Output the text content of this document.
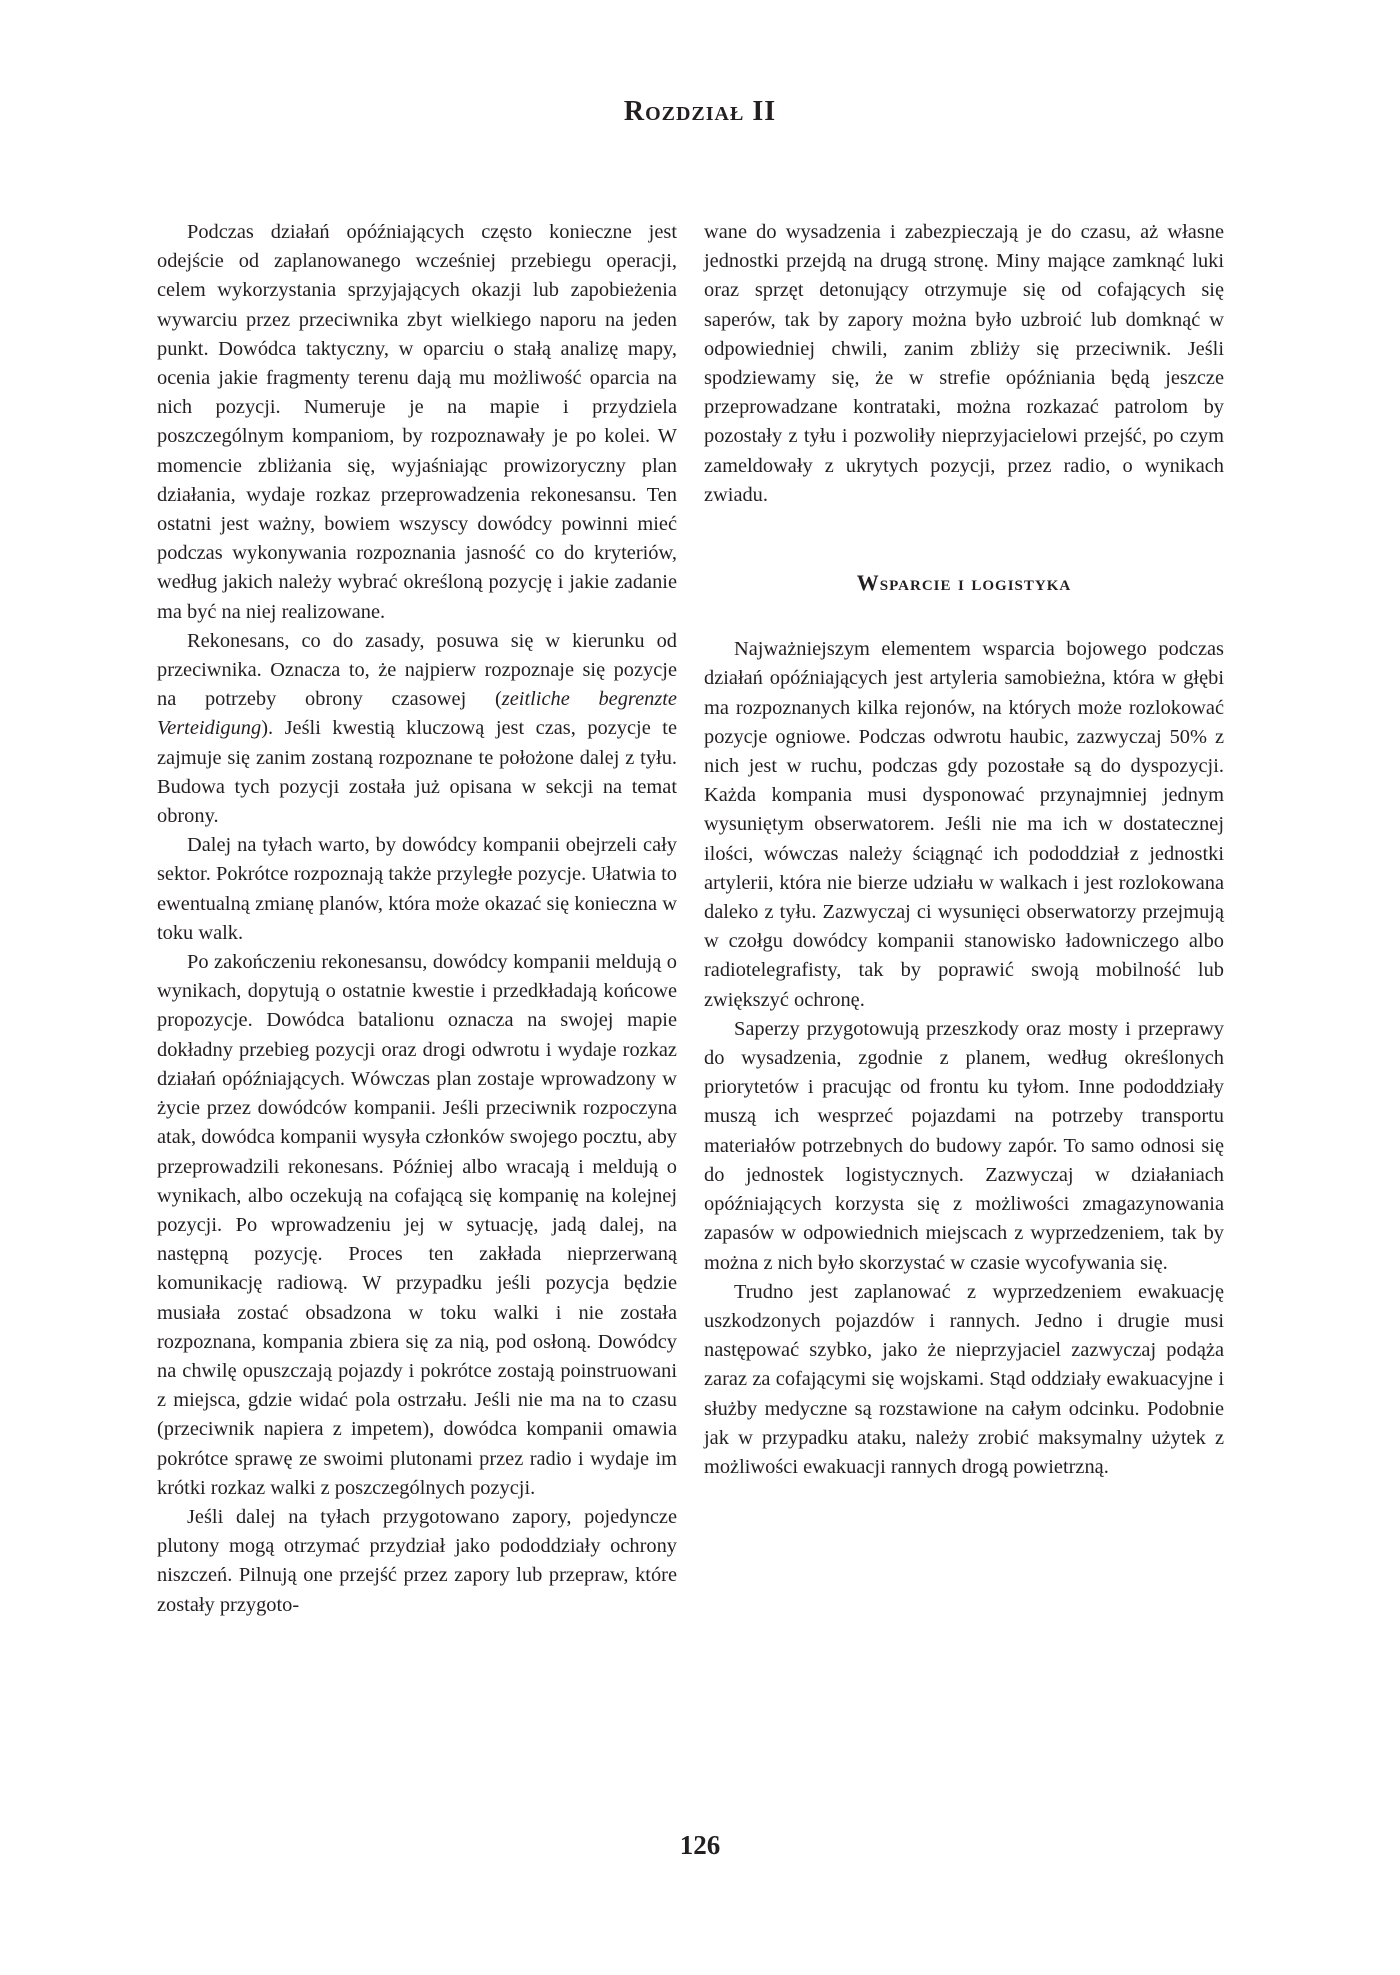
Rozdział II

Podczas działań opóźniających często konieczne jest odejście od zaplanowanego wcześniej przebiegu operacji, celem wykorzystania sprzyjających okazji lub zapobieżenia wywarciu przez przeciwnika zbyt wielkiego naporu na jeden punkt. Dowódca taktyczny, w oparciu o stałą analizę mapy, ocenia jakie fragmenty terenu dają mu możliwość oparcia na nich pozycji. Numeruje je na mapie i przydziela poszczególnym kompaniom, by rozpoznawały je po kolei. W momencie zbliżania się, wyjaśniając prowizoryczny plan działania, wydaje rozkaz przeprowadzenia rekonesansu. Ten ostatni jest ważny, bowiem wszyscy dowódcy powinni mieć podczas wykonywania rozpoznania jasność co do kryteriów, według jakich należy wybrać określoną pozycję i jakie zadanie ma być na niej realizowane.

Rekonesans, co do zasady, posuwa się w kierunku od przeciwnika. Oznacza to, że najpierw rozpoznaje się pozycje na potrzeby obrony czasowej (zeitliche begrenzte Verteidigung). Jeśli kwestią kluczową jest czas, pozycje te zajmuje się zanim zostaną rozpoznane te położone dalej z tyłu. Budowa tych pozycji została już opisana w sekcji na temat obrony.

Dalej na tyłach warto, by dowódcy kompanii obejrzeli cały sektor. Pokrótce rozpoznają także przyległe pozycje. Ułatwia to ewentualną zmianę planów, która może okazać się konieczna w toku walk.

Po zakończeniu rekonesansu, dowódcy kompanii meldują o wynikach, dopytują o ostatnie kwestie i przedkładają końcowe propozycje. Dowódca batalionu oznacza na swojej mapie dokładny przebieg pozycji oraz drogi odwrotu i wydaje rozkaz działań opóźniających. Wówczas plan zostaje wprowadzony w życie przez dowódców kompanii. Jeśli przeciwnik rozpoczyna atak, dowódca kompanii wysyła członków swojego pocztu, aby przeprowadzili rekonesans. Później albo wracają i meldują o wynikach, albo oczekują na cofającą się kompanię na kolejnej pozycji. Po wprowadzeniu jej w sytuację, jadą dalej, na następną pozycję. Proces ten zakłada nieprzerwaną komunikację radiową. W przypadku jeśli pozycja będzie musiała zostać obsadzona w toku walki i nie została rozpoznana, kompania zbiera się za nią, pod osłoną. Dowódcy na chwilę opuszczają pojazdy i pokrótce zostają poinstruowani z miejsca, gdzie widać pola ostrzału. Jeśli nie ma na to czasu (przeciwnik napiera z impetem), dowódca kompanii omawia pokrótce sprawę ze swoimi plutonami przez radio i wydaje im krótki rozkaz walki z poszczególnych pozycji.

Jeśli dalej na tyłach przygotowano zapory, pojedyncze plutony mogą otrzymać przydział jako pododdziały ochrony niszczeń. Pilnują one przejść przez zapory lub przepraw, które zostały przygoto-

wane do wysadzenia i zabezpieczają je do czasu, aż własne jednostki przejdą na drugą stronę. Miny mające zamknąć luki oraz sprzęt detonujący otrzymuje się od cofających się saperów, tak by zapory można było uzbroić lub domknąć w odpowiedniej chwili, zanim zbliży się przeciwnik. Jeśli spodziewamy się, że w strefie opóźniania będą jeszcze przeprowadzane kontrataki, można rozkazać patrolom by pozostały z tyłu i pozwoliły nieprzyjacielowi przejść, po czym zameldowały z ukrytych pozycji, przez radio, o wynikach zwiadu.

Wsparcie i logistyka

Najważniejszym elementem wsparcia bojowego podczas działań opóźniających jest artyleria samobieżna, która w głębi ma rozpoznanych kilka rejonów, na których może rozlokować pozycje ogniowe. Podczas odwrotu haubic, zazwyczaj 50% z nich jest w ruchu, podczas gdy pozostałe są do dyspozycji. Każda kompania musi dysponować przynajmniej jednym wysuniętym obserwatorem. Jeśli nie ma ich w dostatecznej ilości, wówczas należy ściągnąć ich pododdział z jednostki artylerii, która nie bierze udziału w walkach i jest rozlokowana daleko z tyłu. Zazwyczaj ci wysunięci obserwatorzy przejmują w czołgu dowódcy kompanii stanowisko ładowniczego albo radiotelegrafisty, tak by poprawić swoją mobilność lub zwiększyć ochronę.

Saperzy przygotowują przeszkody oraz mosty i przeprawy do wysadzenia, zgodnie z planem, według określonych priorytetów i pracując od frontu ku tyłom. Inne pododdziały muszą ich wesprzeć pojazdami na potrzeby transportu materiałów potrzebnych do budowy zapór. To samo odnosi się do jednostek logistycznych. Zazwyczaj w działaniach opóźniających korzysta się z możliwości zmagazynowania zapasów w odpowiednich miejscach z wyprzedzeniem, tak by można z nich było skorzystać w czasie wycofywania się.

Trudno jest zaplanować z wyprzedzeniem ewakuację uszkodzonych pojazdów i rannych. Jedno i drugie musi następować szybko, jako że nieprzyjaciel zazwyczaj podąża zaraz za cofającymi się wojskami. Stąd oddziały ewakuacyjne i służby medyczne są rozstawione na całym odcinku. Podobnie jak w przypadku ataku, należy zrobić maksymalny użytek z możliwości ewakuacji rannych drogą powietrzną.

126
